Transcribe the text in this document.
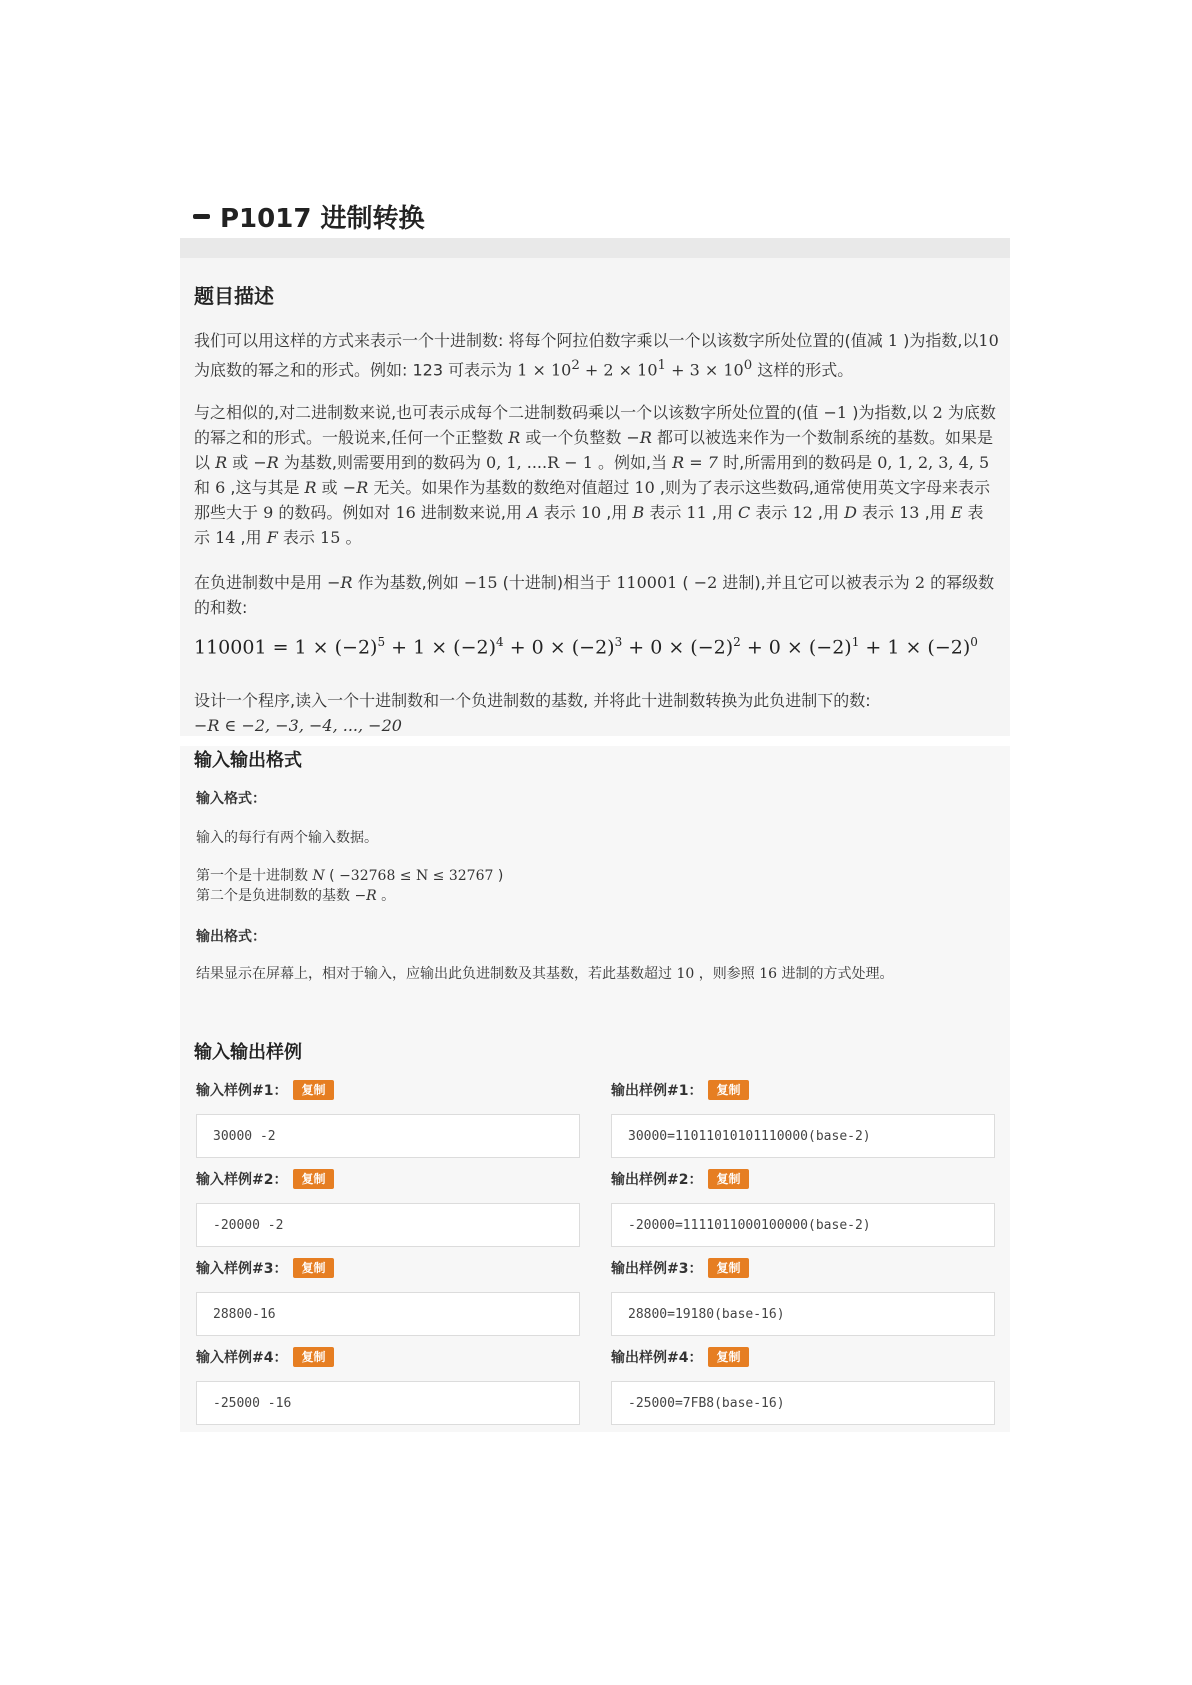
P1017 进制转换
题目描述

我们可以用这样的方式来表示一个十进制数: 将每个阿拉伯数字乘以一个以该数字所处位置的(值减 1 )为指数,以10 为底数的幂之和的形式。例如: 123 可表示为 $1 \times 10^2 + 2 \times 10^1 + 3 \times 10^0$ 这样的形式。

与之相似的,对二进制数来说,也可表示成每个二进制数码乘以一个以该数字所处位置的(值 −1 )为指数,以 2 为底数的幂之和的形式。一般说来,任何一个正整数 R 或一个负整数 −R 都可以被选来作为一个数制系统的基数。如果是以 R 或 −R 为基数,则需要用到的数码为 0, 1, ....R − 1 。例如,当 R = 7 时,所需用到的数码是 0, 1, 2, 3, 4, 5 和 6 ,这与其是 R 或 −R 无关。如果作为基数的数绝对值超过 10 ,则为了表示这些数码,通常使用英文字母来表示那些大于 9 的数码。例如对 16 进制数来说,用 A 表示 10 ,用 B 表示 11 ,用 C 表示 12 ,用 D 表示 13 ,用 E 表示 14 ,用 F 表示 15 。

在负进制数中是用 −R 作为基数,例如 −15 (十进制)相当于 110001 ( −2 进制),并且它可以被表示为 2 的幂级数的和数:

$110001 = 1 \times (-2)^5 + 1 \times (-2)^4 + 0 \times (-2)^3 + 0 \times (-2)^2 + 0 \times (-2)^1 + 1 \times (-2)^0$

设计一个程序,读入一个十进制数和一个负进制数的基数, 并将此十进制数转换为此负进制下的数:
−R ∈ −2, −3, −4, ..., −20

输入输出格式
输入格式：

输入的每行有两个输入数据。

第一个是十进制数 N ( −32768 ≤ N ≤ 32767 )

第二个是负进制数的基数 −R 。

输出格式：

结果显示在屏幕上，相对于输入，应输出此负进制数及其基数，若此基数超过 10 ，则参照 16 进制的方式处理。

输入输出样例
输入样例#1：	复制
30000 -2
输出样例#1：	复制
30000=11011010101110000(base-2)
输入样例#2：	复制
-20000 -2
输出样例#2：	复制
-20000=1111011000100000(base-2)
输入样例#3：	复制
28800-16
输出样例#3：	复制
28800=19180(base-16)
输入样例#4：	复制
-25000 -16
输出样例#4：	复制
-25000=7FB8(base-16)
